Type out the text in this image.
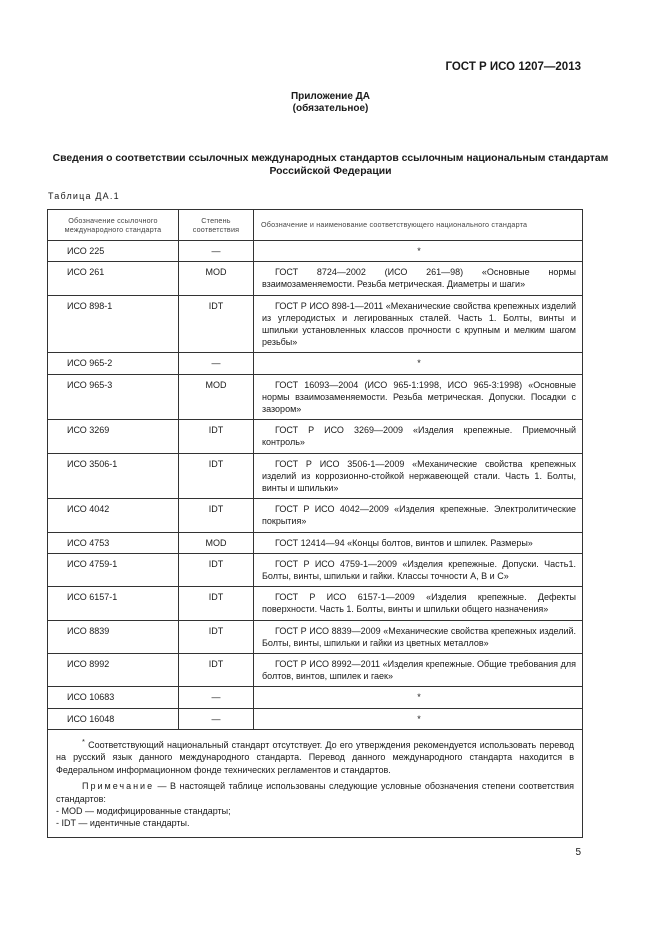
ГОСТ Р ИСО 1207—2013
Приложение ДА
(обязательное)
Сведения о соответствии ссылочных международных стандартов ссылочным национальным стандартам Российской Федерации
Таблица ДА.1
Обозначение ссылочного международного стандарта	Степень соответствия	Обозначение и наименование соответствующего национального стандарта
ИСО 225	—	*
ИСО 261	MOD	ГОСТ 8724—2002 (ИСО 261—98) «Основные нормы взаимозаменяемости. Резьба метрическая. Диаметры и шаги»
ИСО 898-1	IDT	ГОСТ Р ИСО 898-1—2011 «Механические свойства крепежных изделий из углеродистых и легированных сталей. Часть 1. Болты, винты и шпильки установленных классов прочности с крупным и мелким шагом резьбы»
ИСО 965-2	—	*
ИСО 965-3	MOD	ГОСТ 16093—2004 (ИСО 965-1:1998, ИСО 965-3:1998) «Основные нормы взаимозаменяемости. Резьба метрическая. Допуски. Посадки с зазором»
ИСО 3269	IDT	ГОСТ Р ИСО 3269—2009 «Изделия крепежные. Приемочный контроль»
ИСО 3506-1	IDT	ГОСТ Р ИСО 3506-1—2009 «Механические свойства крепежных изделий из коррозионно-стойкой нержавеющей стали. Часть 1. Болты, винты и шпильки»
ИСО 4042	IDT	ГОСТ Р ИСО 4042—2009 «Изделия крепежные. Электролитические покрытия»
ИСО 4753	MOD	ГОСТ 12414—94 «Концы болтов, винтов и шпилек. Размеры»
ИСО 4759-1	IDT	ГОСТ Р ИСО 4759-1—2009 «Изделия крепежные. Допуски. Часть1. Болты, винты, шпильки и гайки. Классы точности A, B и C»
ИСО 6157-1	IDT	ГОСТ Р ИСО 6157-1—2009 «Изделия крепежные. Дефекты поверхности. Часть 1. Болты, винты и шпильки общего назначения»
ИСО 8839	IDT	ГОСТ Р ИСО 8839—2009 «Механические свойства крепежных изделий. Болты, винты, шпильки и гайки из цветных металлов»
ИСО 8992	IDT	ГОСТ Р ИСО 8992—2011 «Изделия крепежные. Общие требования для болтов, винтов, шпилек и гаек»
ИСО 10683	—	*
ИСО 16048	—	*

* Соответствующий национальный стандарт отсутствует. До его утверждения рекомендуется использовать перевод на русский язык данного международного стандарта. Перевод данного международного стандарта находится в Федеральном информационном фонде технических регламентов и стандартов.

Примечание — В настоящей таблице использованы следующие условные обозначения степени соответствия стандартов:

- MOD — модифицированные стандарты;

- IDT — идентичные стандарты.		

5
